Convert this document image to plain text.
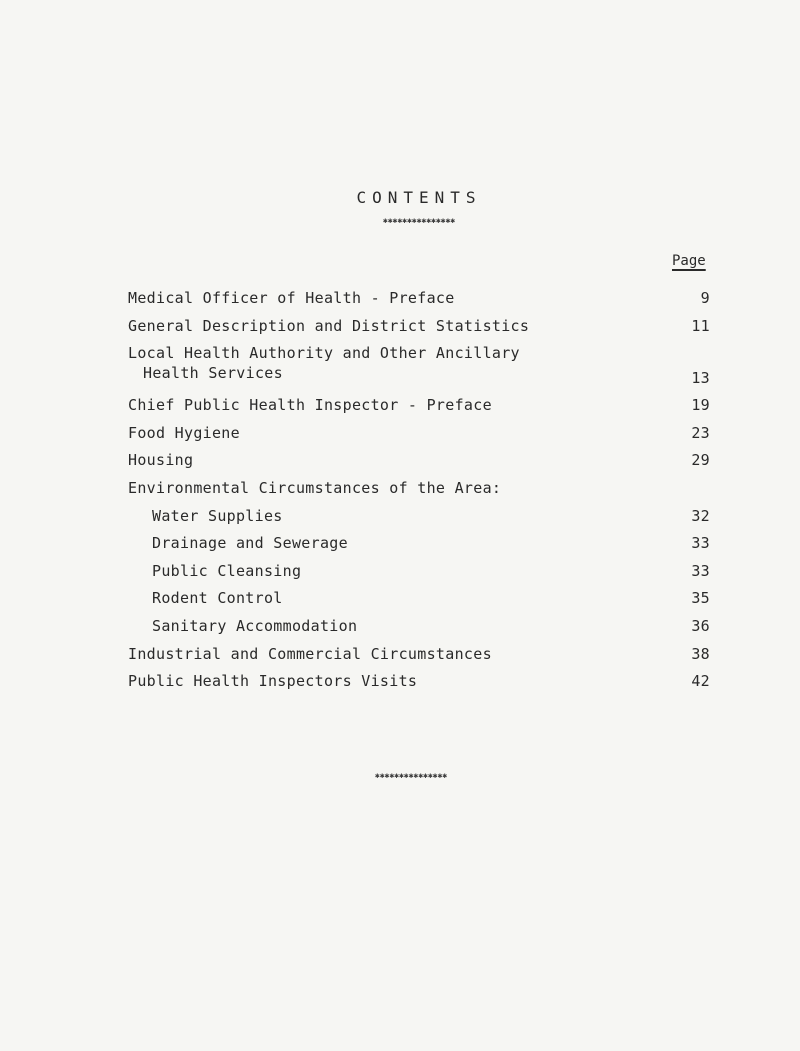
CONTENTS
✱✱✱✱✱✱✱✱✱✱✱✱✱✱✱
Page
Medical Officer of Health - Preface	9
General Description and District Statistics	11
Local Health Authority and Other Ancillary
Health Services	13
Chief Public Health Inspector - Preface	19
Food Hygiene	23
Housing	29
Environmental Circumstances of the Area:
Water Supplies	32
Drainage and Sewerage	33
Public Cleansing	33
Rodent Control	35
Sanitary Accommodation	36
Industrial and Commercial Circumstances	38
Public Health Inspectors Visits	42
✱✱✱✱✱✱✱✱✱✱✱✱✱✱✱
